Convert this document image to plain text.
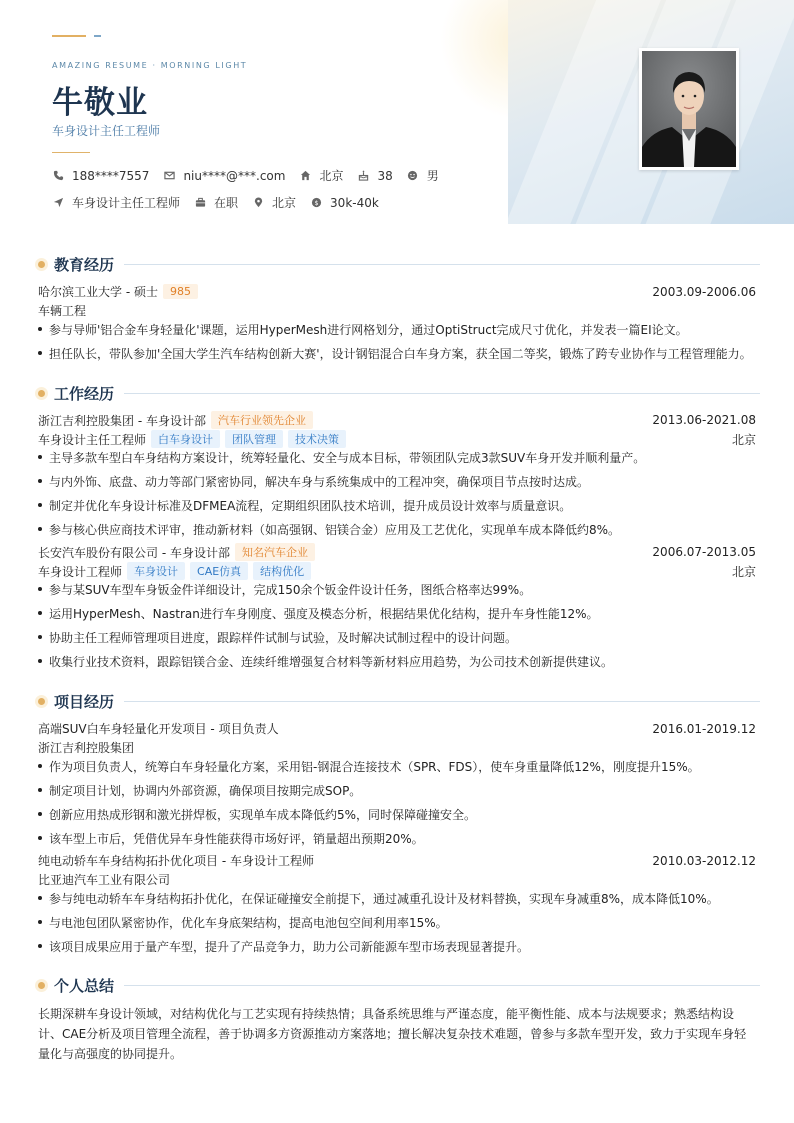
AMAZING RESUME · MORNING LIGHT
牛敬业
车身设计主任工程师
188****7557	niu****@***.com	北京	38	男
车身设计主任工程师	在职	北京	$ 30k-40k
教育经历
哈尔滨工业大学 - 硕士	985	2003.09-2006.06
车辆工程
参与导师'铝合金车身轻量化'课题，运用HyperMesh进行网格划分，通过OptiStruct完成尺寸优化，并发表一篇EI论文。
担任队长，带队参加'全国大学生汽车结构创新大赛'，设计钢铝混合白车身方案，获全国二等奖，锻炼了跨专业协作与工程管理能力。
工作经历
浙江吉利控股集团 - 车身设计部	汽车行业领先企业	2013.06-2021.08
车身设计主任工程师	白车身设计	团队管理	技术决策	北京
主导多款车型白车身结构方案设计，统筹轻量化、安全与成本目标，带领团队完成3款SUV车身开发并顺利量产。
与内外饰、底盘、动力等部门紧密协同，解决车身与系统集成中的工程冲突，确保项目节点按时达成。
制定并优化车身设计标准及DFMEA流程，定期组织团队技术培训，提升成员设计效率与质量意识。
参与核心供应商技术评审，推动新材料（如高强钢、铝镁合金）应用及工艺优化，实现单车成本降低约8%。
长安汽车股份有限公司 - 车身设计部	知名汽车企业	2006.07-2013.05
车身设计工程师	车身设计	CAE仿真	结构优化	北京
参与某SUV车型车身钣金件详细设计，完成150余个钣金件设计任务，图纸合格率达99%。
运用HyperMesh、Nastran进行车身刚度、强度及模态分析，根据结果优化结构，提升车身性能12%。
协助主任工程师管理项目进度，跟踪样件试制与试验，及时解决试制过程中的设计问题。
收集行业技术资料，跟踪铝镁合金、连续纤维增强复合材料等新材料应用趋势，为公司技术创新提供建议。
项目经历
高端SUV白车身轻量化开发项目 - 项目负责人	2016.01-2019.12
浙江吉利控股集团
作为项目负责人，统筹白车身轻量化方案，采用铝-钢混合连接技术（SPR、FDS），使车身重量降低12%，刚度提升15%。
制定项目计划，协调内外部资源，确保项目按期完成SOP。
创新应用热成形钢和激光拼焊板，实现单车成本降低约5%，同时保障碰撞安全。
该车型上市后，凭借优异车身性能获得市场好评，销量超出预期20%。
纯电动轿车车身结构拓扑优化项目 - 车身设计工程师	2010.03-2012.12
比亚迪汽车工业有限公司
参与纯电动轿车车身结构拓扑优化，在保证碰撞安全前提下，通过减重孔设计及材料替换，实现车身减重8%，成本降低10%。
与电池包团队紧密协作，优化车身底架结构，提高电池包空间利用率15%。
该项目成果应用于量产车型，提升了产品竞争力，助力公司新能源车型市场表现显著提升。
个人总结
长期深耕车身设计领域，对结构优化与工艺实现有持续热情；具备系统思维与严谨态度，能平衡性能、成本与法规要求；熟悉结构设计、CAE分析及项目管理全流程，善于协调多方资源推动方案落地；擅长解决复杂技术难题，曾参与多款车型开发，致力于实现车身轻量化与高强度的协同提升。
